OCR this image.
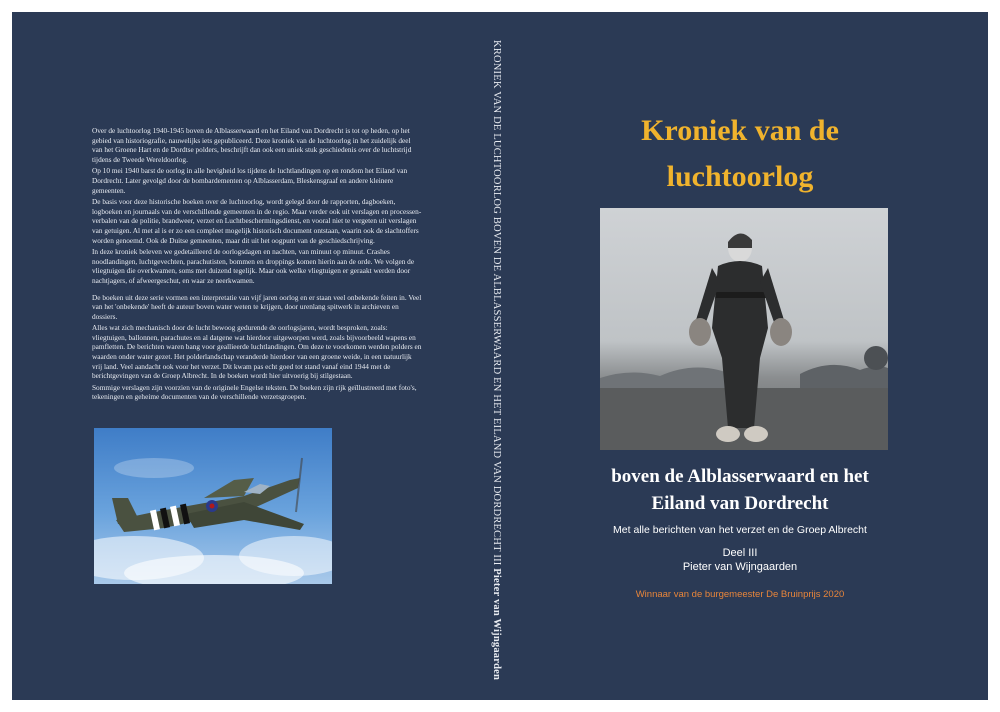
Over de luchtoorlog 1940-1945 boven de Alblasserwaard en het Eiland van Dordrecht is tot op heden, op het gebied van historiografie, nauwelijks iets gepubliceerd. Deze kroniek van de luchtoorlog in het zuidelijk deel van het Groene Hart en de Dordtse polders, beschrijft dan ook een uniek stuk geschiedenis over de luchtstrijd tijdens de Tweede Wereldoorlog.

Op 10 mei 1940 barst de oorlog in alle hevigheid los tijdens de luchtlandingen op en rondom het Eiland van Dordrecht. Later gevolgd door de bombardementen op Alblasserdam, Bleskensgraaf en andere kleinere gemeenten.

De basis voor deze historische boeken over de luchtoorlog, wordt gelegd door de rapporten, dagboeken, logboeken en journaals van de verschillende gemeenten in de regio. Maar verder ook uit verslagen en processen-verbalen van de politie, brandweer, verzet en Luchtbeschermingsdienst, en vooral niet te vergeten uit verslagen van getuigen. Al met al is er zo een compleet mogelijk historisch document ontstaan, waarin ook de slachtoffers worden genoemd. Ook de Duitse gemeenten, maar dit uit het oogpunt van de geschiedschrijving.

In deze kroniek beleven we gedetailleerd de oorlogsdagen en nachten, van minuut op minuut. Crashes noodlandingen, luchtgevechten, parachutisten, bommen en droppings komen hierin aan de orde. We volgen de vliegtuigen die overkwamen, soms met duizend tegelijk. Maar ook welke vliegtuigen er geraakt werden door nachtjagers, of afweergeschut, en waar ze neerkwamen.

De boeken uit deze serie vormen een interpretatie van vijf jaren oorlog en er staan veel onbekende feiten in. Veel van het 'onbekende' heeft de auteur boven water weten te krijgen, door urenlang spitwerk in archieven en dossiers.

Alles wat zich mechanisch door de lucht bewoog gedurende de oorlogsjaren, wordt besproken, zoals: vliegtuigen, ballonnen, parachutes en al datgene wat hierdoor uitgeworpen werd, zoals bijvoorbeeld wapens en pamfletten. De berichten waren bang voor geallieerde luchtlandingen. Om deze te voorkomen werden polders en waarden onder water gezet. Het polderlandschap veranderde hierdoor van een groene weide, in een natuurlijk vrij land. Veel aandacht ook voor het verzet. Dit kwam pas echt goed tot stand vanaf eind 1944 met de berichtgevingen van de Groep Albrecht. In de boeken wordt hier uitvoerig bij stilgestaan.

Sommige verslagen zijn voorzien van de originele Engelse teksten. De boeken zijn rijk geïllustreerd met foto's, tekeningen en geheime documenten van de verschillende verzetsgroepen.	KRONIEK VAN DE LUCHTOORLOG BOVEN DE ALBLASSERWAARD EN HET EILAND VAN DORDRECHT III Pieter van Wijngaarden
Kroniek van de
luchtoorlog
boven de Alblasserwaard en het
Eiland van Dordrecht
Met alle berichten van het verzet en de Groep Albrecht
Deel III
Pieter van Wijngaarden
Winnaar van de burgemeester De Bruinprijs 2020
